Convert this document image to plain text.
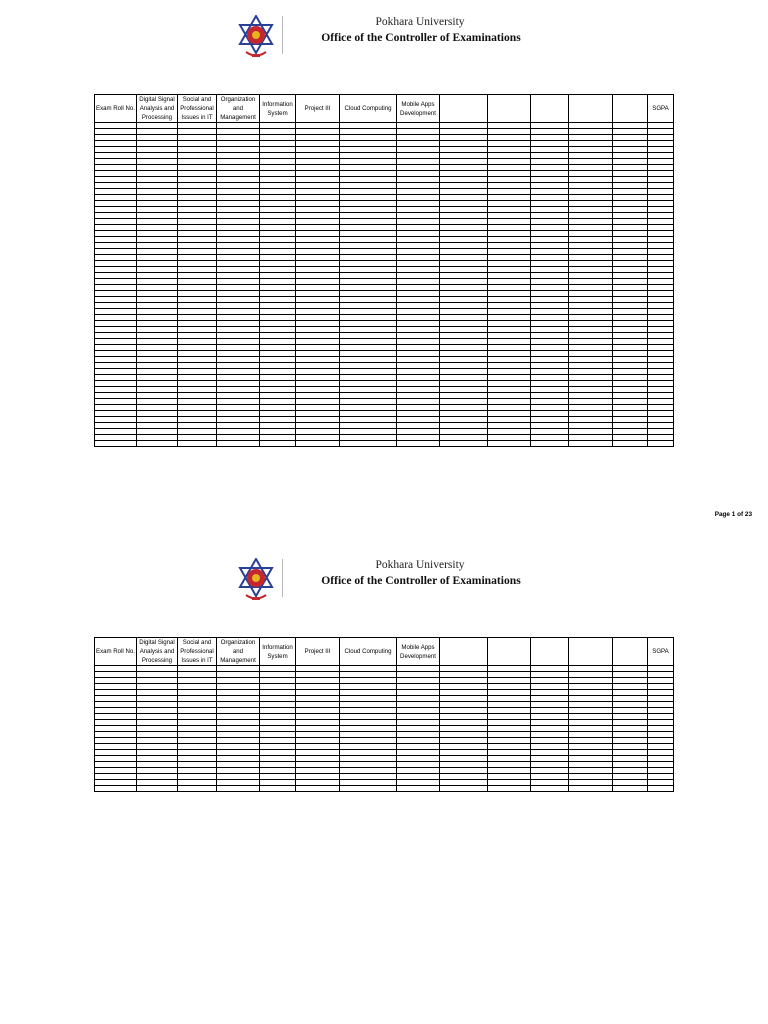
Pokhara University
Office of the Controller of Examinations
Exam Roll No.	Digital Signal Analysis and Processing	Social and Professional Issues in IT	Organization and Management	Information System	Project III	Cloud Computing	Mobile Apps Development						SGPA

Page 1 of 23
Pokhara University
Office of the Controller of Examinations
Exam Roll No.	Digital Signal Analysis and Processing	Social and Professional Issues in IT	Organization and Management	Information System	Project III	Cloud Computing	Mobile Apps Development						SGPA
